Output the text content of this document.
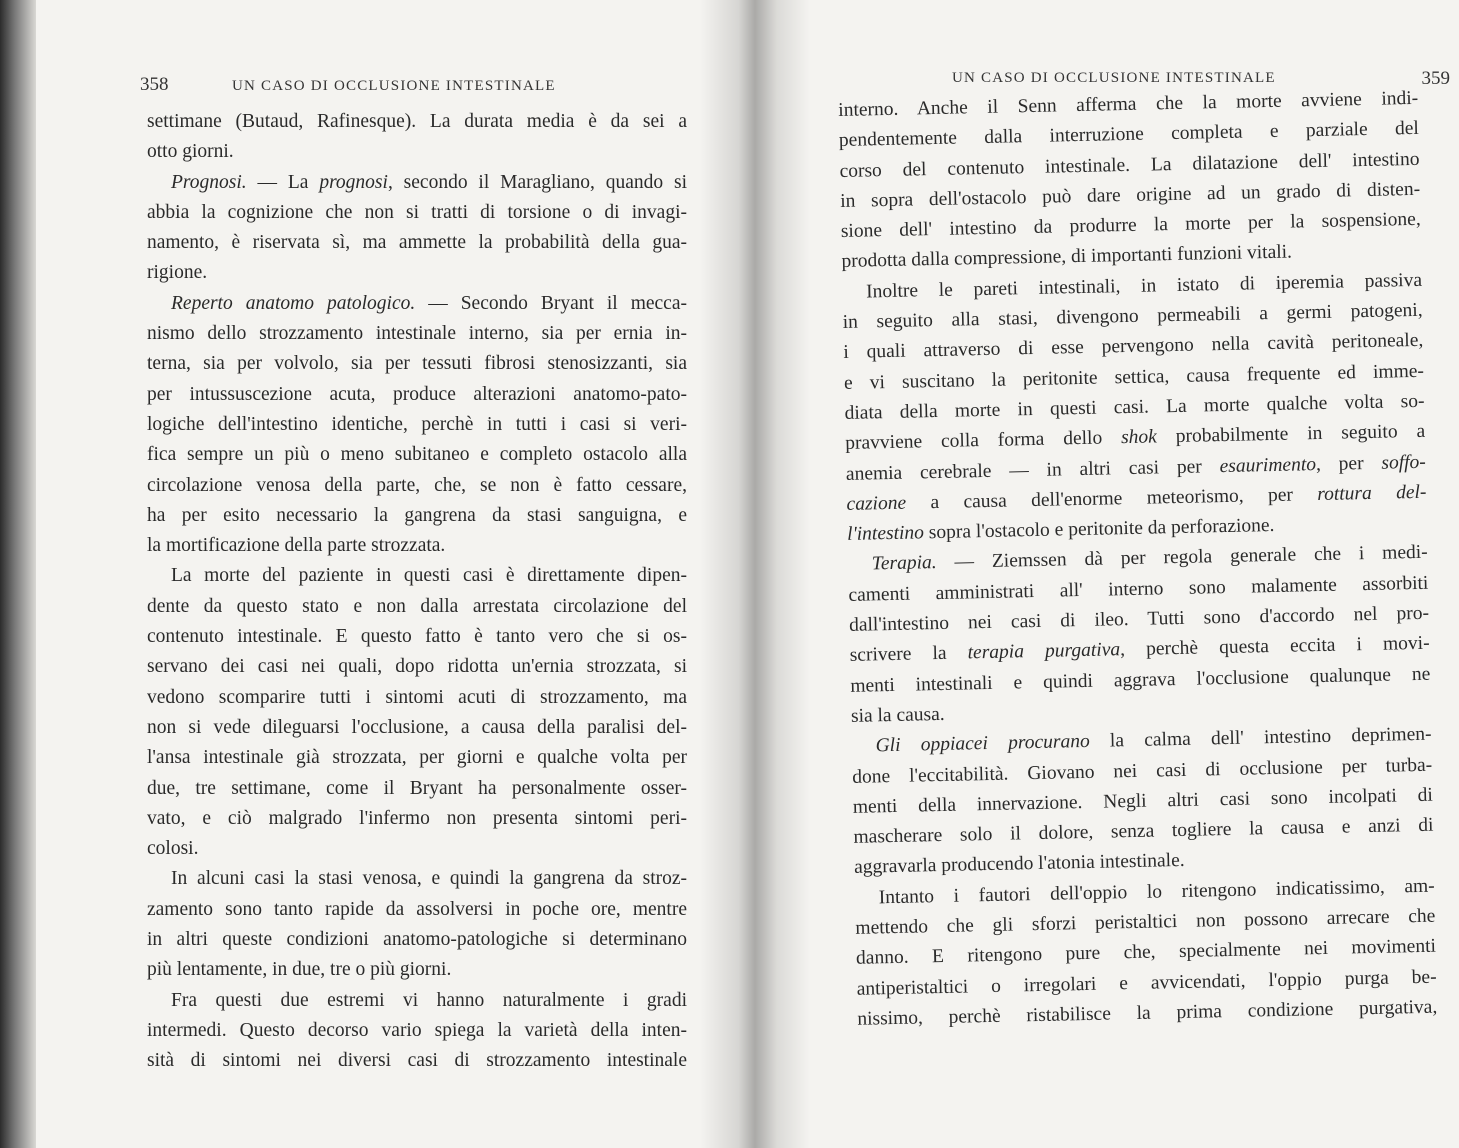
358	UN CASO DI OCCLUSIONE INTESTINALE
settimane (Butaud, Rafinesque). La durata media è da sei a
otto giorni.
Prognosi. — La prognosi, secondo il Maragliano, quando si
abbia la cognizione che non si tratti di torsione o di invagi-
namento, è riservata sì, ma ammette la probabilità della gua-
rigione.
Reperto anatomo patologico. — Secondo Bryant il mecca-
nismo dello strozzamento intestinale interno, sia per ernia in-
terna, sia per volvolo, sia per tessuti fibrosi stenosizzanti, sia
per intussuscezione acuta, produce alterazioni anatomo-pato-
logiche dell'intestino identiche, perchè in tutti i casi si veri-
fica sempre un più o meno subitaneo e completo ostacolo alla
circolazione venosa della parte, che, se non è fatto cessare,
ha per esito necessario la gangrena da stasi sanguigna, e
la mortificazione della parte strozzata.
La morte del paziente in questi casi è direttamente dipen-
dente da questo stato e non dalla arrestata circolazione del
contenuto intestinale. E questo fatto è tanto vero che si os-
servano dei casi nei quali, dopo ridotta un'ernia strozzata, si
vedono scomparire tutti i sintomi acuti di strozzamento, ma
non si vede dileguarsi l'occlusione, a causa della paralisi del-
l'ansa intestinale già strozzata, per giorni e qualche volta per
due, tre settimane, come il Bryant ha personalmente osser-
vato, e ciò malgrado l'infermo non presenta sintomi peri-
colosi.
In alcuni casi la stasi venosa, e quindi la gangrena da stroz-
zamento sono tanto rapide da assolversi in poche ore, mentre
in altri queste condizioni anatomo-patologiche si determinano
più lentamente, in due, tre o più giorni.
Fra questi due estremi vi hanno naturalmente i gradi
intermedi. Questo decorso vario spiega la varietà della inten-
sità di sintomi nei diversi casi di strozzamento intestinale
UN CASO DI OCCLUSIONE INTESTINALE	359
interno. Anche il Senn afferma che la morte avviene indi-
pendentemente dalla interruzione completa e parziale del
corso del contenuto intestinale. La dilatazione dell' intestino
in sopra dell'ostacolo può dare origine ad un grado di disten-
sione dell' intestino da produrre la morte per la sospensione,
prodotta dalla compressione, di importanti funzioni vitali.
Inoltre le pareti intestinali, in istato di iperemia passiva
in seguito alla stasi, divengono permeabili a germi patogeni,
i quali attraverso di esse pervengono nella cavità peritoneale,
e vi suscitano la peritonite settica, causa frequente ed imme-
diata della morte in questi casi. La morte qualche volta so-
pravviene colla forma dello shok probabilmente in seguito a
anemia cerebrale — in altri casi per esaurimento, per soffo-
cazione a causa dell'enorme meteorismo, per rottura del-
l'intestino sopra l'ostacolo e peritonite da perforazione.
Terapia. — Ziemssen dà per regola generale che i medi-
camenti amministrati all' interno sono malamente assorbiti
dall'intestino nei casi di ileo. Tutti sono d'accordo nel pro-
scrivere la terapia purgativa, perchè questa eccita i movi-
menti intestinali e quindi aggrava l'occlusione qualunque ne
sia la causa.
Gli oppiacei procurano la calma dell' intestino deprimen-
done l'eccitabilità. Giovano nei casi di occlusione per turba-
menti della innervazione. Negli altri casi sono incolpati di
mascherare solo il dolore, senza togliere la causa e anzi di
aggravarla producendo l'atonia intestinale.
Intanto i fautori dell'oppio lo ritengono indicatissimo, am-
mettendo che gli sforzi peristaltici non possono arrecare che
danno. E ritengono pure che, specialmente nei movimenti
antiperistaltici o irregolari e avvicendati, l'oppio purga be-
nissimo, perchè ristabilisce la prima condizione purgativa,
